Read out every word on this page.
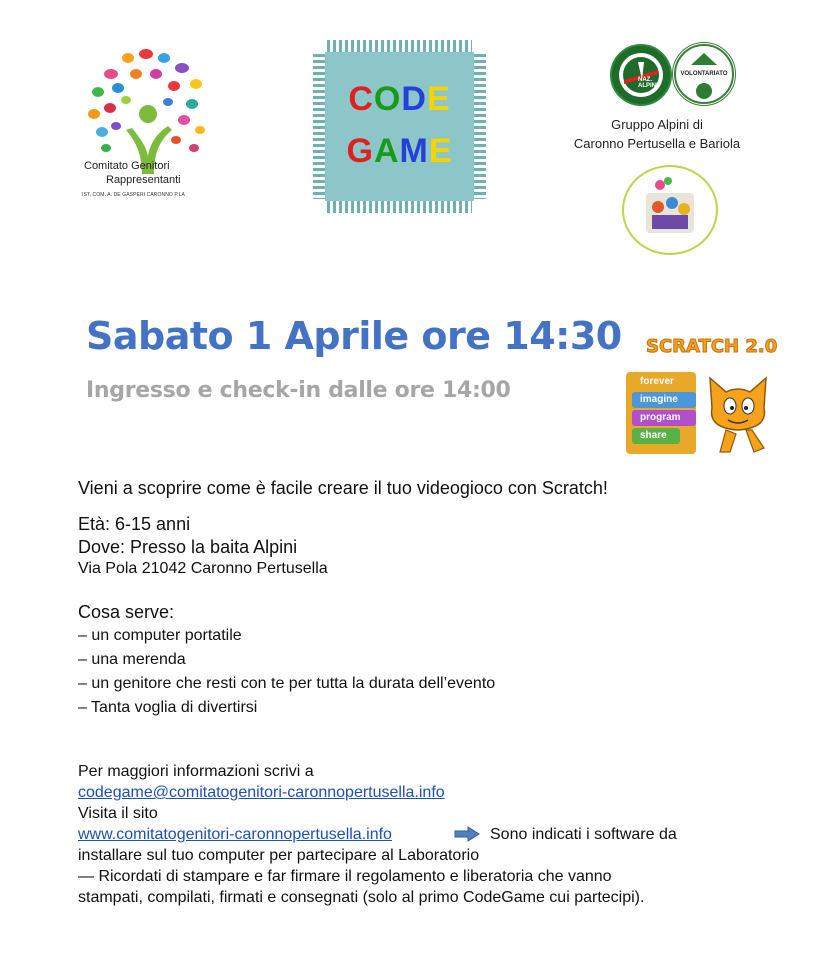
Comitato Genitori
Rappresentanti
IST. COM. A. DE GASPERI CARONNO P.LA
CODE
GAME
NAZ. ALPINI
VOLONTARIATO
Gruppo Alpini di
Caronno Pertusella e Bariola
Sabato 1 Aprile ore 14:30
Ingresso e check-in dalle ore 14:00
SCRATCH 2.0
forever
imagine
program
share
Vieni a scoprire come è facile creare il tuo videogioco con Scratch!
Età: 6-15 anni
Dove: Presso la baita Alpini
Via Pola 21042 Caronno Pertusella
Cosa serve:
– un computer portatile
– una merenda
– un genitore che resti con te per tutta la durata dell’evento
– Tanta voglia di divertirsi
Per maggiori informazioni scrivi a
codegame@comitatogenitori-caronnopertusella.info
Visita il sito
www.comitatogenitori-caronnopertusella.info	Sono indicati i software da
installare sul tuo computer per partecipare al Laboratorio
— Ricordati di stampare e far firmare il regolamento e liberatoria che vanno
stampati, compilati, firmati e consegnati (solo al primo CodeGame cui partecipi).
